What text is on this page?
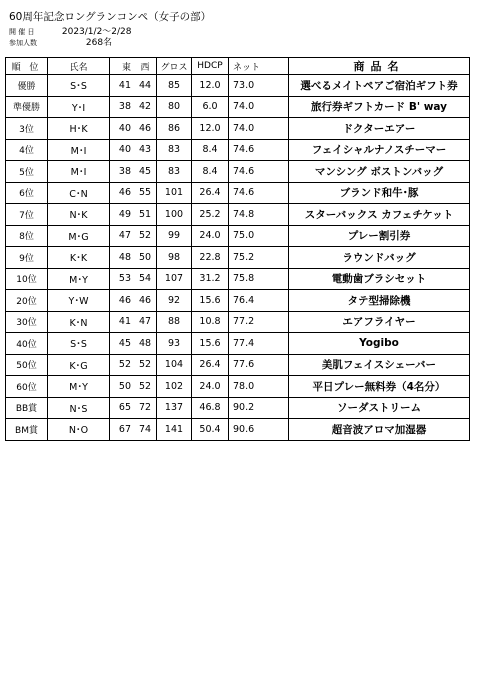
60周年記念ロングランコンペ（女子の部）
開 催 日	2023/1/2～2/28
参加人数	268名
順 位	氏名	東	西	グロス	HDCP	ネット	商品名
優勝	S･S	41	44	85	12.0	73.0	選べるメイトペアご宿泊ギフト券
準優勝	Y･I	38	42	80	6.0	74.0	旅行券ギフトカード B' way
3位	H･K	40	46	86	12.0	74.0	ドクターエアー
4位	M･I	40	43	83	8.4	74.6	フェイシャルナノスチーマー
5位	M･I	38	45	83	8.4	74.6	マンシング ボストンバッグ
6位	C･N	46	55	101	26.4	74.6	ブランド和牛･豚
7位	N･K	49	51	100	25.2	74.8	スターバックス カフェチケット
8位	M･G	47	52	99	24.0	75.0	プレー割引券
9位	K･K	48	50	98	22.8	75.2	ラウンドバッグ
10位	M･Y	53	54	107	31.2	75.8	電動歯ブラシセット
20位	Y･W	46	46	92	15.6	76.4	タテ型掃除機
30位	K･N	41	47	88	10.8	77.2	エアフライヤー
40位	S･S	45	48	93	15.6	77.4	Yogibo
50位	K･G	52	52	104	26.4	77.6	美肌フェイスシェーバー
60位	M･Y	50	52	102	24.0	78.0	平日プレー無料券（4名分）
BB賞	N･S	65	72	137	46.8	90.2	ソーダストリーム
BM賞	N･O	67	74	141	50.4	90.6	超音波アロマ加湿器
